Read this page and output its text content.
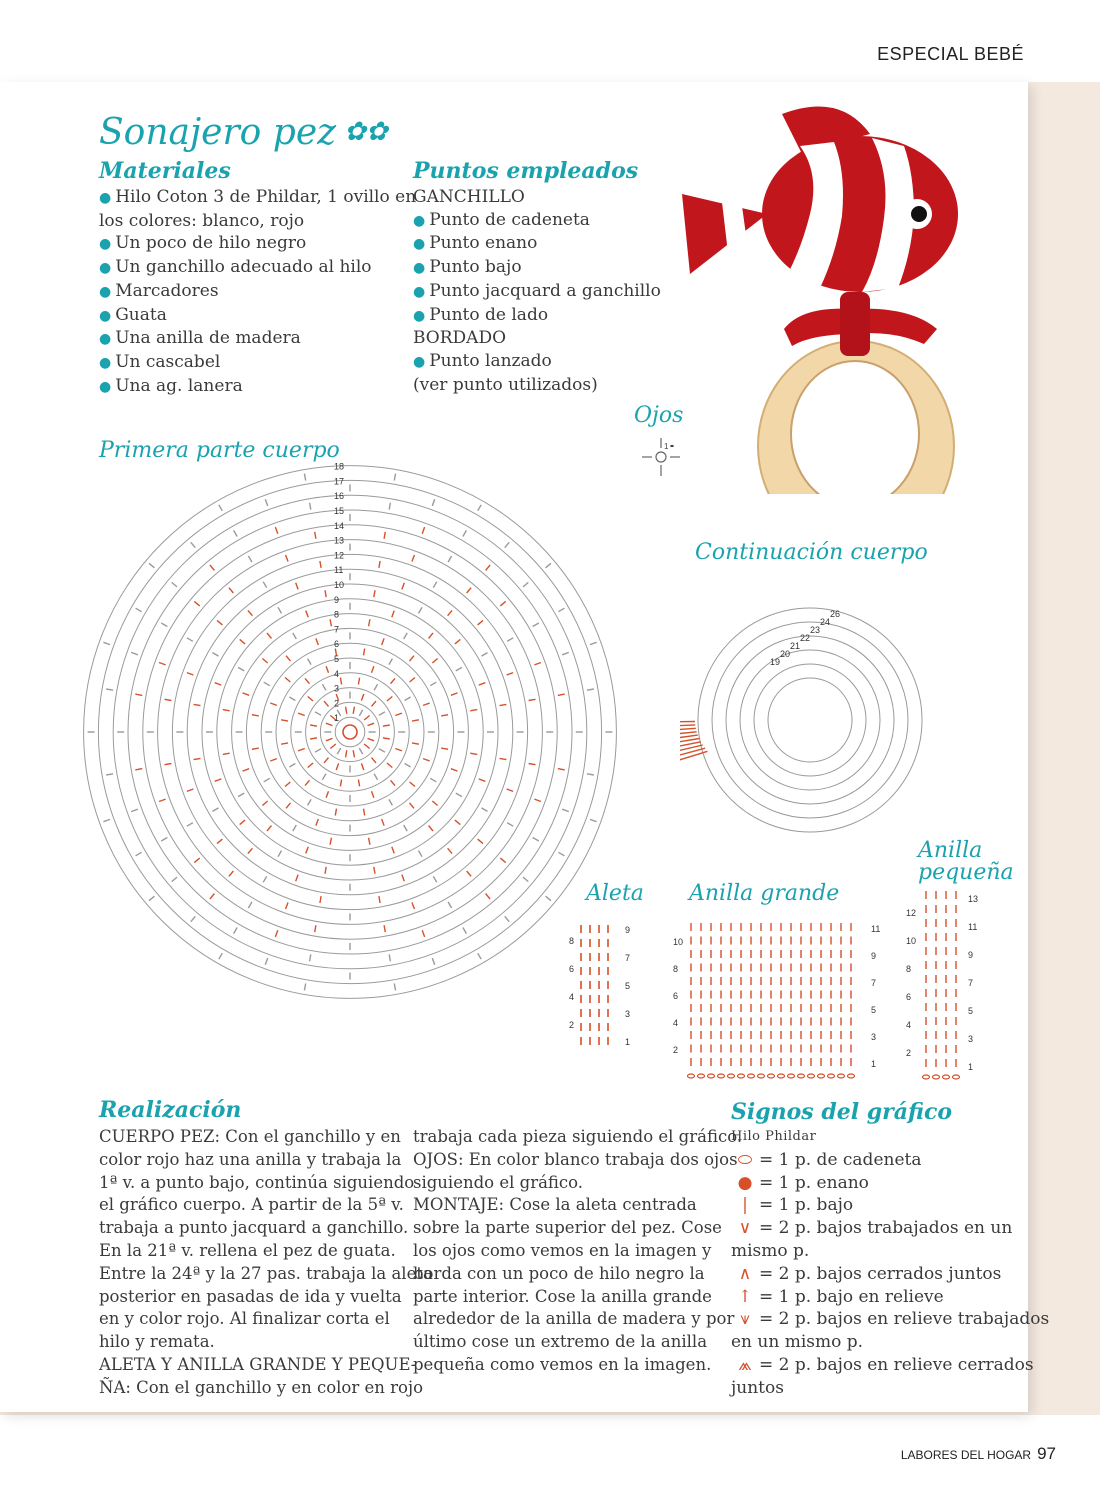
ESPECIAL BEBÉ
Sonajero pez ✿✿
Materiales
● Hilo Coton 3 de Phildar, 1 ovillo en
los colores: blanco, rojo
● Un poco de hilo negro
● Un ganchillo adecuado al hilo
● Marcadores
● Guata
● Una anilla de madera
● Un cascabel
● Una ag. lanera
Puntos empleados
GANCHILLO
● Punto de cadeneta
● Punto enano
● Punto bajo
● Punto jacquard a ganchillo
● Punto de lado
BORDADO
● Punto lanzado
(ver punto utilizados)
Primera parte cuerpo
Ojos
Continuación cuerpo
Aleta Anilla grande
Anilla
pequeña
1
1
2
3
4
5
6
7
8
9
10
11
12
13
14
15
16
17
18
19
20
21
22
23
24
26
2
4
6
8
1
3
5
7
9
2
4
6
8
10
1
3
5
7
9
11
2
4
6
8
10
12
1
3
5
7
9
11
13
Realización
CUERPO PEZ: Con el ganchillo y en
color rojo haz una anilla y trabaja la
1ª v. a punto bajo, continúa siguiendo
el gráfico cuerpo. A partir de la 5ª v.
trabaja a punto jacquard a ganchillo.
En la 21ª v. rellena el pez de guata.
Entre la 24ª y la 27 pas. trabaja la aleta
posterior en pasadas de ida y vuelta
en y color rojo. Al finalizar corta el
hilo y remata.
ALETA Y ANILLA GRANDE Y PEQUE-
ÑA: Con el ganchillo y en color en rojo
trabaja cada pieza siguiendo el gráfico.
OJOS: En color blanco trabaja dos ojos
siguiendo el gráfico.
MONTAJE: Cose la aleta centrada
sobre la parte superior del pez. Cose
los ojos como vemos en la imagen y
borda con un poco de hilo negro la
parte interior. Cose la anilla grande
alrededor de la anilla de madera y por
último cose un extremo de la anilla
pequeña como vemos en la imagen.
Signos del gráfico
Hilo Phildar
⬭ = 1 p. de cadeneta
● = 1 p. enano
| = 1 p. bajo
∨ = 2 p. bajos trabajados en un
mismo p.
∧ = 2 p. bajos cerrados juntos
↑ = 1 p. bajo en relieve
⩛ = 2 p. bajos en relieve trabajados
en un mismo p.
⩕ = 2 p. bajos en relieve cerrados
juntos
LABORES DEL HOGAR 97
